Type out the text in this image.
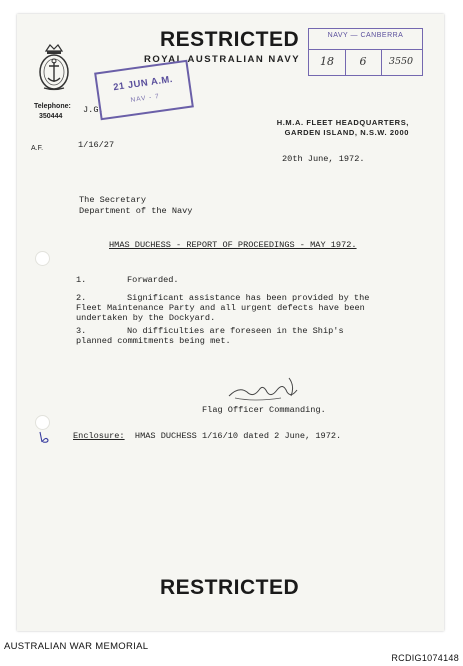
RESTRICTED
ROYAL AUSTRALIAN NAVY
Telephone:
350444
J.G.
21 JUN A.M.
NAV - 7
NAVY — CANBERRA
18	6	3550
H.M.A. FLEET HEADQUARTERS,
GARDEN ISLAND, N.S.W. 2000
A.F.	1/16/27
20th June, 1972.
The Secretary
Department of the Navy
HMAS DUCHESS - REPORT OF PROCEEDINGS - MAY 1972.
1.	Forwarded.
2.	Significant assistance has been provided by the
Fleet Maintenance Party and all urgent defects have been
undertaken by the Dockyard.
3.	No difficulties are foreseen in the Ship's
planned commitments being met.
Flag Officer Commanding.
Enclosure: HMAS DUCHESS 1/16/10 dated 2 June, 1972.
RESTRICTED
AUSTRALIAN WAR MEMORIAL
RCDIG1074148
